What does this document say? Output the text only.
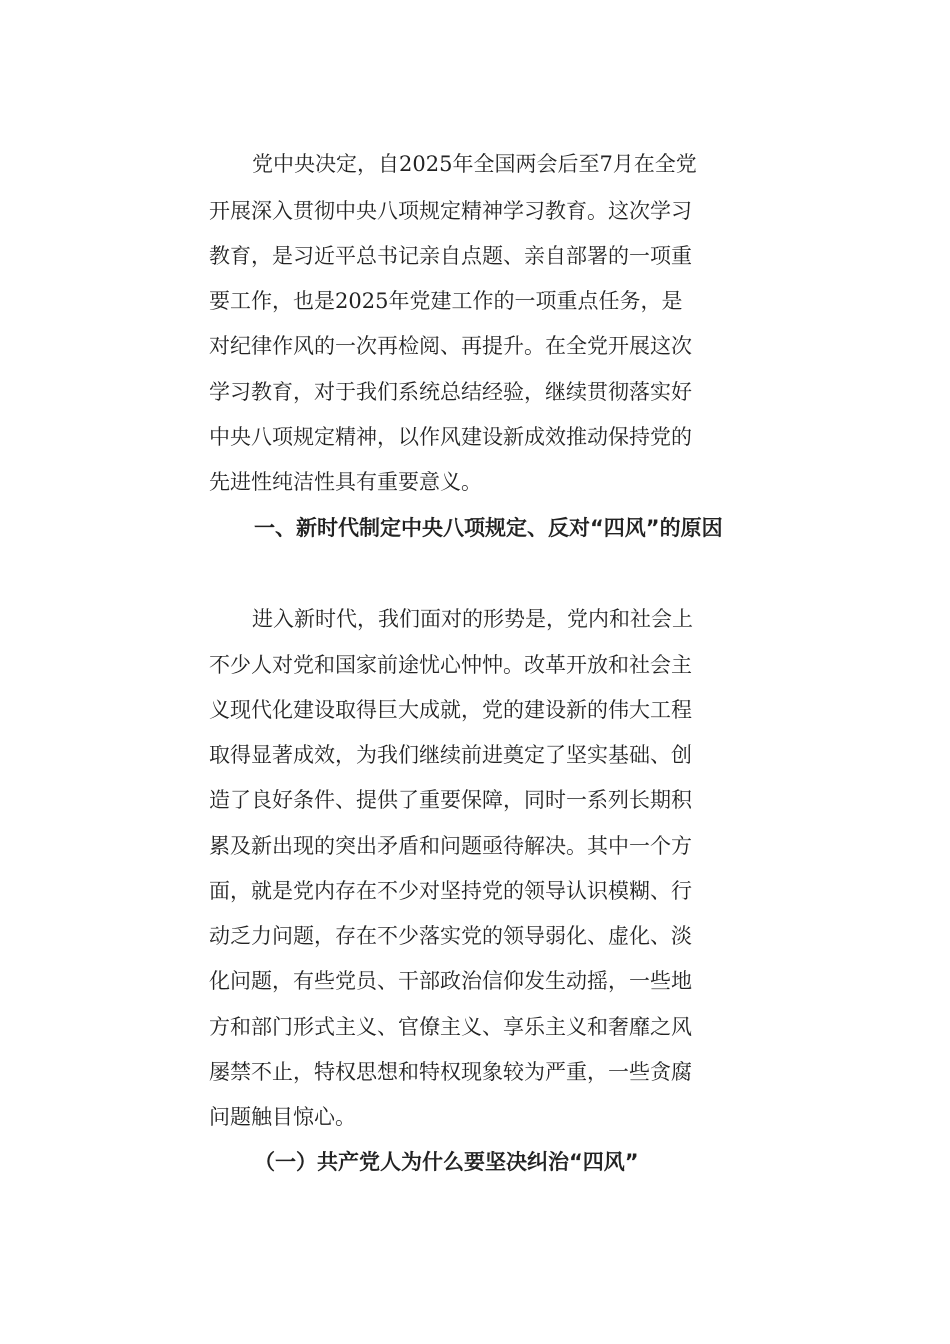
党中央决定，自2025年全国两会后至7月在全党

开展深入贯彻中央八项规定精神学习教育。这次学习

教育，是习近平总书记亲自点题、亲自部署的一项重

要工作，也是2025年党建工作的一项重点任务，是

对纪律作风的一次再检阅、再提升。在全党开展这次

学习教育，对于我们系统总结经验，继续贯彻落实好

中央八项规定精神，以作风建设新成效推动保持党的

先进性纯洁性具有重要意义。

一、新时代制定中央八项规定、反对“四风”的原因

进入新时代，我们面对的形势是，党内和社会上

不少人对党和国家前途忧心忡忡。改革开放和社会主

义现代化建设取得巨大成就，党的建设新的伟大工程

取得显著成效，为我们继续前进奠定了坚实基础、创

造了良好条件、提供了重要保障，同时一系列长期积

累及新出现的突出矛盾和问题亟待解决。其中一个方

面，就是党内存在不少对坚持党的领导认识模糊、行

动乏力问题，存在不少落实党的领导弱化、虚化、淡

化问题，有些党员、干部政治信仰发生动摇，一些地

方和部门形式主义、官僚主义、享乐主义和奢靡之风

屡禁不止，特权思想和特权现象较为严重，一些贪腐

问题触目惊心。

（一）共产党人为什么要坚决纠治“四风”
